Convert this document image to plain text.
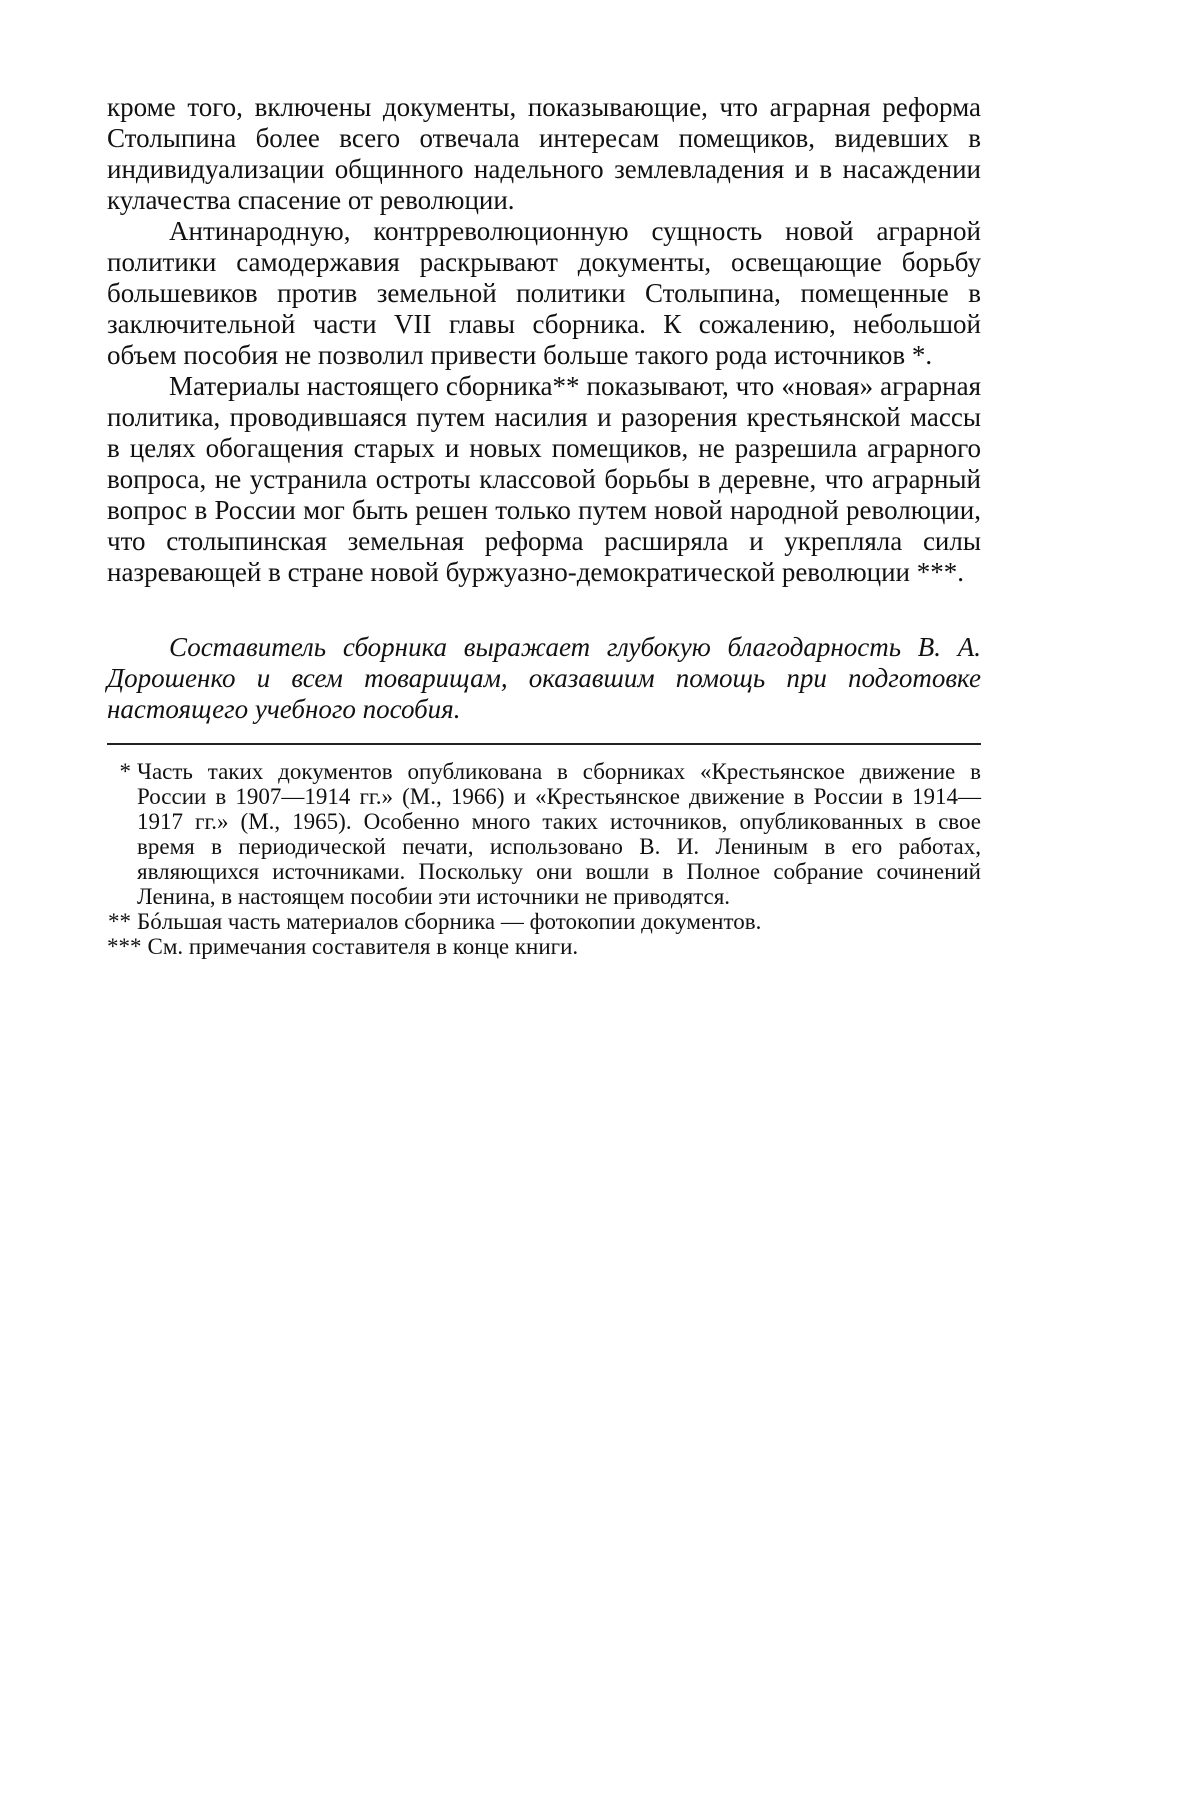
кроме того, включены документы, показывающие, что аграрная реформа Столыпина более всего отвечала интересам помещиков, видевших в индивидуализации общинного надельного землевладения и в насаждении кулачества спасение от революции.

Антинародную, контрреволюционную сущность новой аграрной политики самодержавия раскрывают документы, освещающие борьбу большевиков против земельной политики Столыпина, помещенные в заключительной части VII главы сборника. К сожалению, небольшой объем пособия не позволил привести больше такого рода источников *.

Материалы настоящего сборника** показывают, что «новая» аграрная политика, проводившаяся путем насилия и разорения крестьянской массы в целях обогащения старых и новых помещиков, не разрешила аграрного вопроса, не устранила остроты классовой борьбы в деревне, что аграрный вопрос в России мог быть решен только путем новой народной революции, что столыпинская земельная реформа расширяла и укрепляла силы назревающей в стране новой буржуазно-демократической революции ***.

Составитель сборника выражает глубокую благодарность В. А. Дорошенко и всем товарищам, оказавшим помощь при подготовке настоящего учебного пособия.
* Часть таких документов опубликована в сборниках «Крестьянское движение в России в 1907—1914 гг.» (М., 1966) и «Крестьянское движение в России в 1914—1917 гг.» (М., 1965). Особенно много таких источников, опубликованных в свое время в периодической печати, использовано В. И. Лениным в его работах, являющихся источниками. Поскольку они вошли в Полное собрание сочинений Ленина, в настоящем пособии эти источники не приводятся.
** Бóльшая часть материалов сборника — фотокопии документов.
*** См. примечания составителя в конце книги.
